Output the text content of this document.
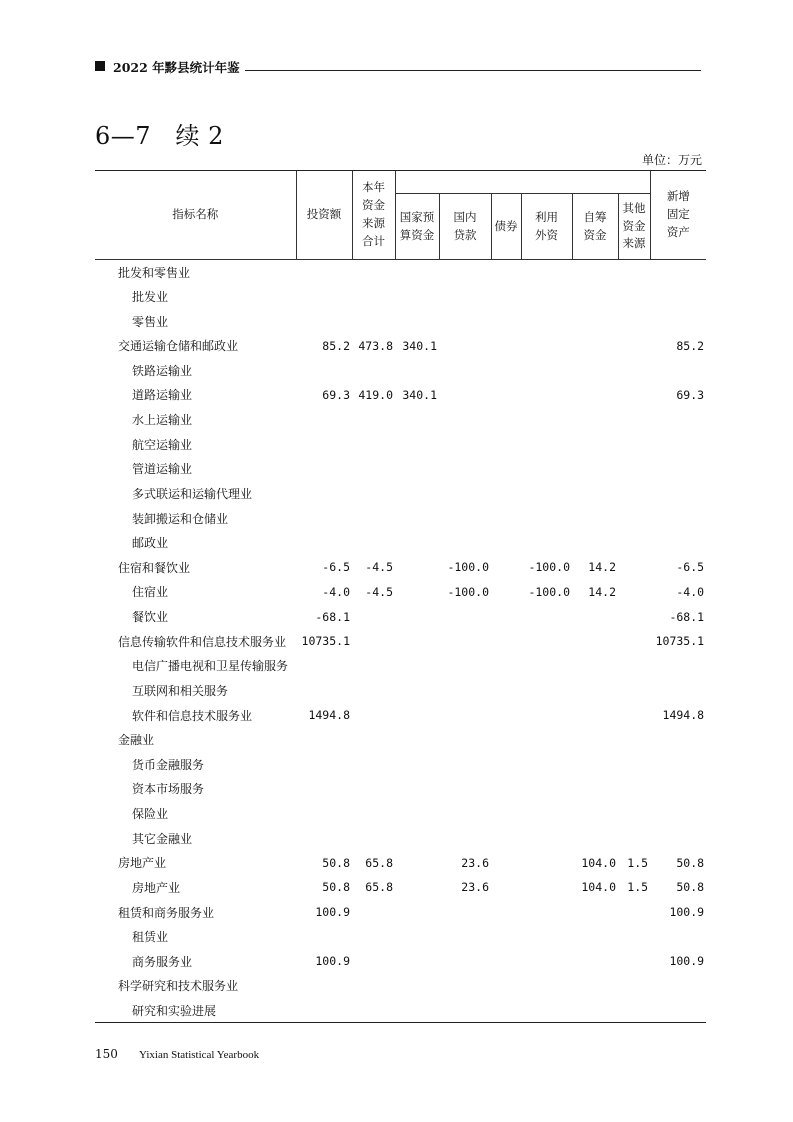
2022 年黟县统计年鉴
6—7　续 2
单位：万元
指标名称	投资额	本年资金来源合计							新增固定资产

			国家预算资金	国内贷款	债券	利用外资	自筹资金	其他资金来源	

批发和零售业									
批发业									
零售业									
交通运输仓储和邮政业	85.2	473.8	340.1						85.2
铁路运输业									
道路运输业	69.3	419.0	340.1						69.3
水上运输业									
航空运输业									
管道运输业									
多式联运和运输代理业									
装卸搬运和仓储业									
邮政业									
住宿和餐饮业	-6.5	-4.5		-100.0		-100.0	14.2		-6.5
住宿业	-4.0	-4.5		-100.0		-100.0	14.2		-4.0
餐饮业	-68.1								-68.1
信息传输软件和信息技术服务业	10735.1								10735.1
电信广播电视和卫星传输服务									
互联网和相关服务									
软件和信息技术服务业	1494.8								1494.8
金融业									
货币金融服务									
资本市场服务									
保险业									
其它金融业									
房地产业	50.8	65.8		23.6			104.0	1.5	50.8
房地产业	50.8	65.8		23.6			104.0	1.5	50.8
租赁和商务服务业	100.9								100.9
租赁业									
商务服务业	100.9								100.9
科学研究和技术服务业									
研究和实验进展									
150 Yixian Statistical Yearbook
